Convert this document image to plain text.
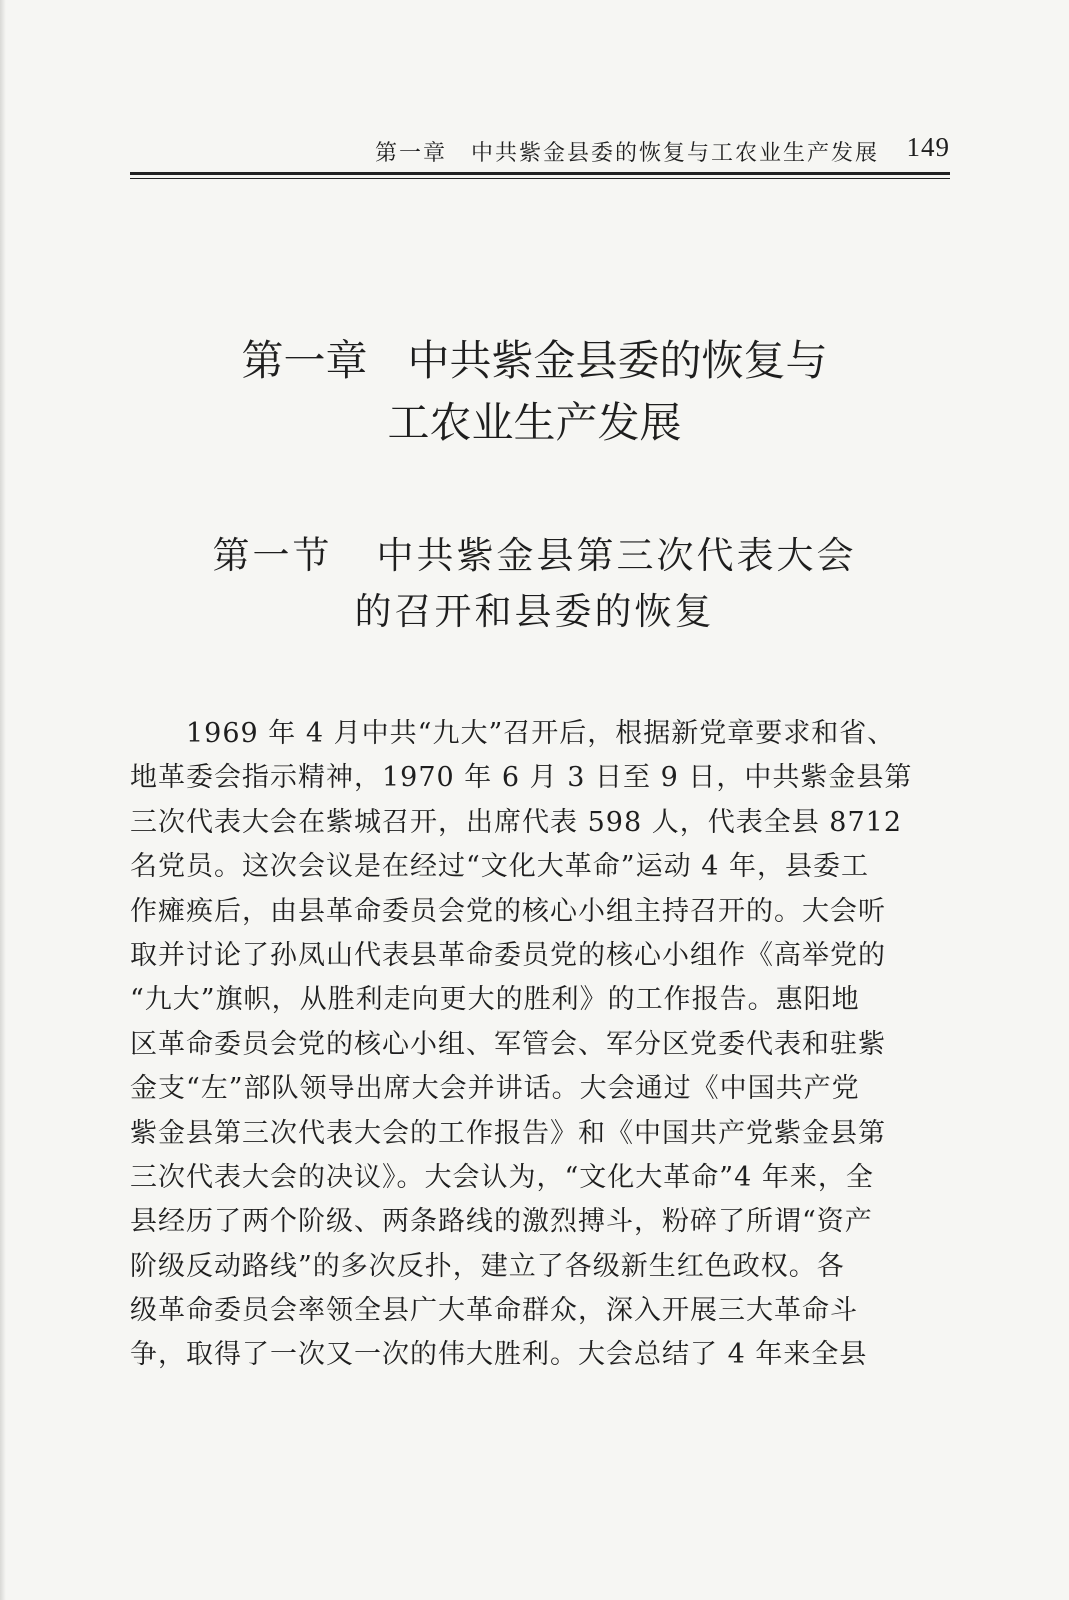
第一章　中共紫金县委的恢复与工农业生产发展 149
第一章 中共紫金县委的恢复与
工农业生产发展
第一节 中共紫金县第三次代表大会
的召开和县委的恢复
1969 年 4 月中共“九大”召开后，根据新党章要求和省、
地革委会指示精神，1970 年 6 月 3 日至 9 日，中共紫金县第
三次代表大会在紫城召开，出席代表 598 人，代表全县 8712
名党员。这次会议是在经过“文化大革命”运动 4 年，县委工
作瘫痪后，由县革命委员会党的核心小组主持召开的。大会听
取并讨论了孙凤山代表县革命委员党的核心小组作《高举党的
“九大”旗帜，从胜利走向更大的胜利》的工作报告。惠阳地
区革命委员会党的核心小组、军管会、军分区党委代表和驻紫
金支“左”部队领导出席大会并讲话。大会通过《中国共产党
紫金县第三次代表大会的工作报告》和《中国共产党紫金县第
三次代表大会的决议》。大会认为，“文化大革命”4 年来，全
县经历了两个阶级、两条路线的激烈搏斗，粉碎了所谓“资产
阶级反动路线”的多次反扑，建立了各级新生红色政权。各
级革命委员会率领全县广大革命群众，深入开展三大革命斗
争，取得了一次又一次的伟大胜利。大会总结了 4 年来全县
